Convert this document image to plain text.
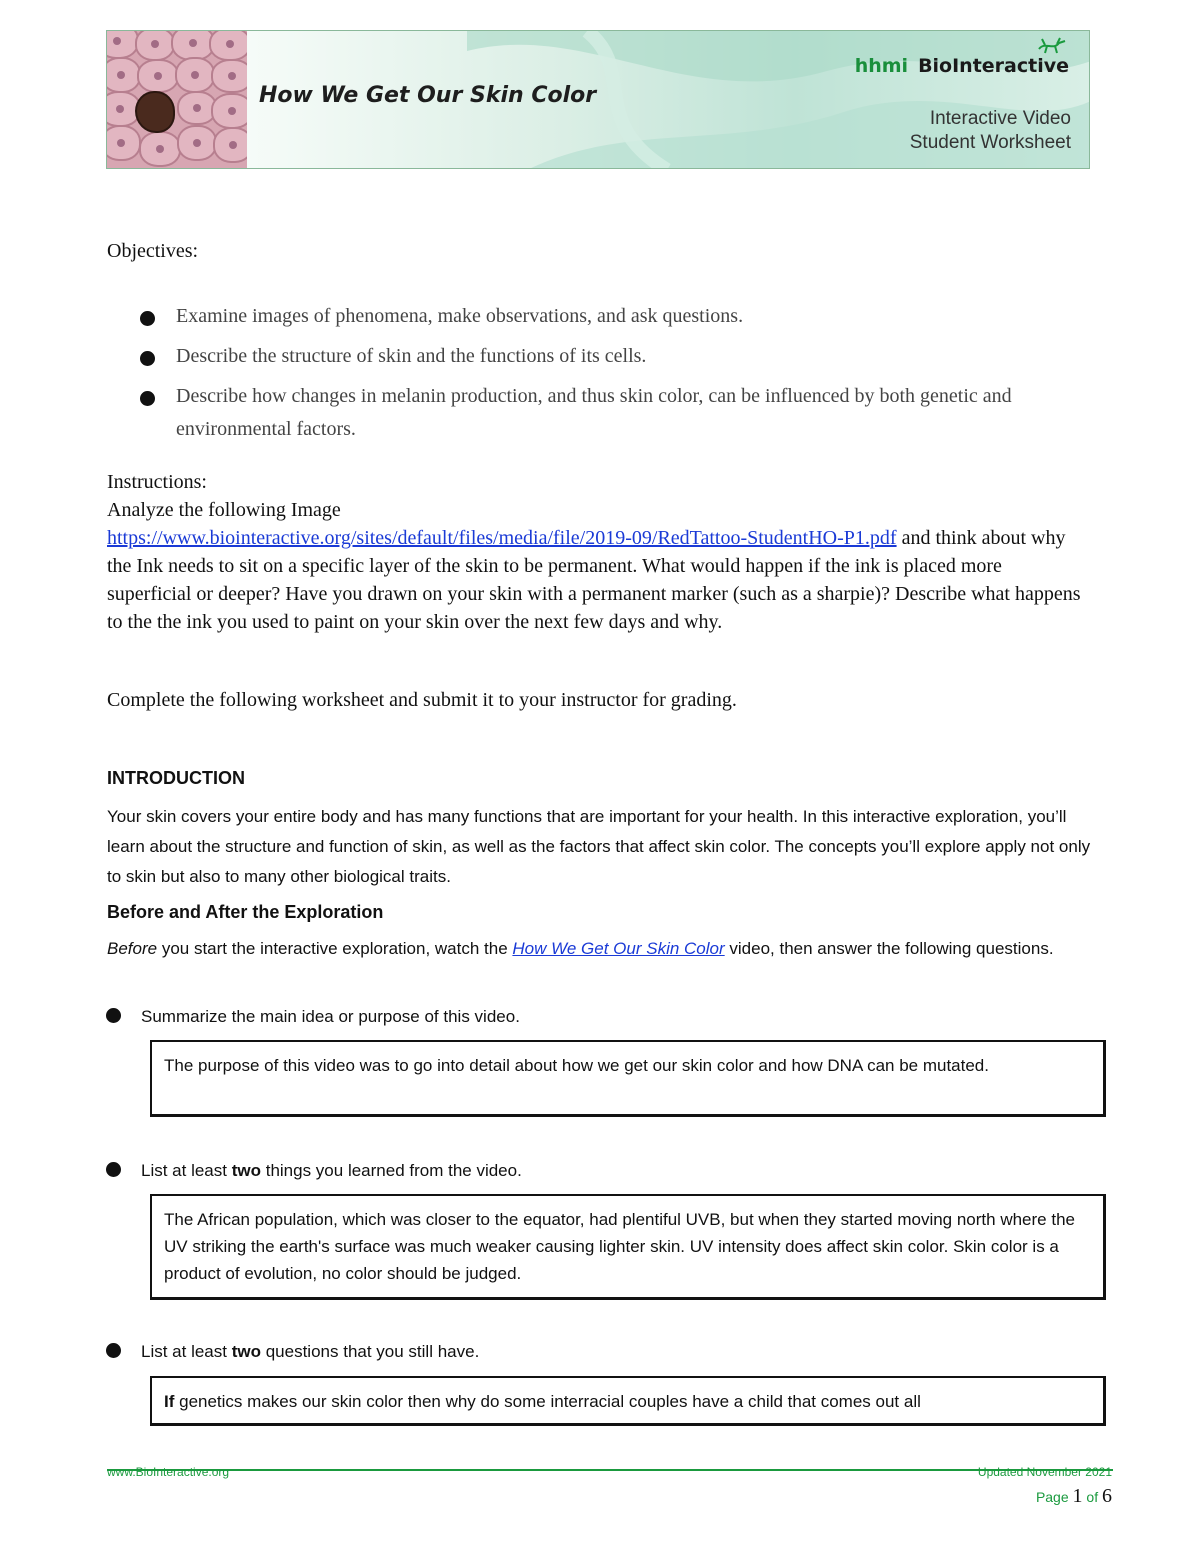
How We Get Our Skin Color
hhmi BioInteractive
Interactive Video
Student Worksheet
Objectives:
Examine images of phenomena, make observations, and ask questions.
Describe the structure of skin and the functions of its cells.
Describe how changes in melanin production, and thus skin color, can be influenced by both genetic and environmental factors.
Instructions:
Analyze the following Image
https://www.biointeractive.org/sites/default/files/media/file/2019-09/RedTattoo-StudentHO-P1.pdf and think about why the Ink needs to sit on a specific layer of the skin to be permanent. What would happen if the ink is placed more superficial or deeper? Have you drawn on your skin with a permanent marker (such as a sharpie)? Describe what happens to the the ink you used to paint on your skin over the next few days and why.
Complete the following worksheet and submit it to your instructor for grading.
INTRODUCTION
Your skin covers your entire body and has many functions that are important for your health. In this interactive exploration, you’ll learn about the structure and function of skin, as well as the factors that affect skin color. The concepts you’ll explore apply not only to skin but also to many other biological traits.
Before and After the Exploration
Before you start the interactive exploration, watch the How We Get Our Skin Color video, then answer the following questions.
Summarize the main idea or purpose of this video.
The purpose of this video was to go into detail about how we get our skin color and how DNA can be mutated.
List at least two things you learned from the video.
The African population, which was closer to the equator, had plentiful UVB, but when they started moving north where the UV striking the earth's surface was much weaker causing lighter skin. UV intensity does affect skin color. Skin color is a product of evolution, no color should be judged.
List at least two questions that you still have.
If genetics makes our skin color then why do some interracial couples have a child that comes out all
www.BioInteractive.org	Updated November 2021
Page 1 of 6
